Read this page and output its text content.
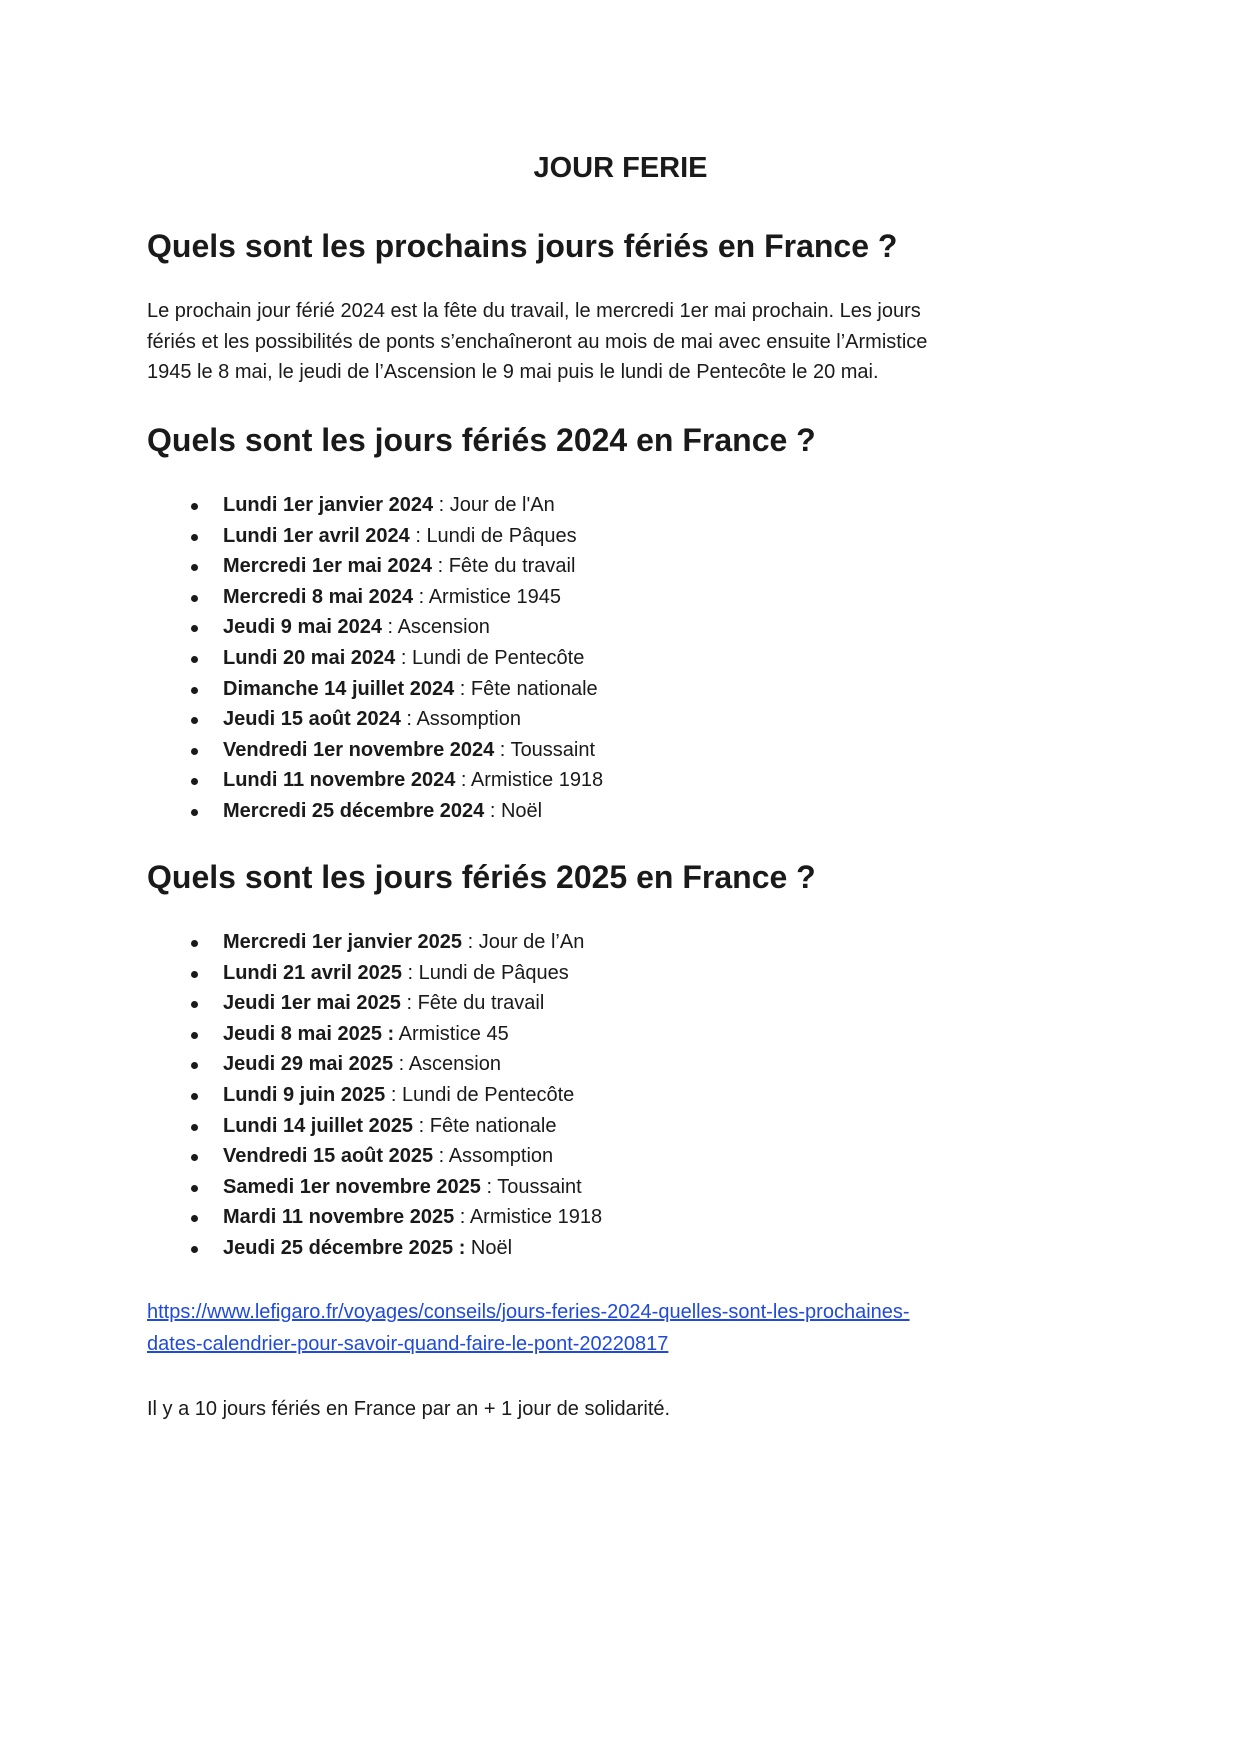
JOUR FERIE
Quels sont les prochains jours fériés en France ?

Le prochain jour férié 2024 est la fête du travail, le mercredi 1er mai prochain. Les jours
fériés et les possibilités de ponts s’enchaîneront au mois de mai avec ensuite l’Armistice
1945 le 8 mai, le jeudi de l’Ascension le 9 mai puis le lundi de Pentecôte le 20 mai.

Quels sont les jours fériés 2024 en France ?
Lundi 1er janvier 2024 : Jour de l'An
Lundi 1er avril 2024 : Lundi de Pâques
Mercredi 1er mai 2024 : Fête du travail
Mercredi 8 mai 2024 : Armistice 1945
Jeudi 9 mai 2024 : Ascension
Lundi 20 mai 2024 : Lundi de Pentecôte
Dimanche 14 juillet 2024 : Fête nationale
Jeudi 15 août 2024 : Assomption
Vendredi 1er novembre 2024 : Toussaint
Lundi 11 novembre 2024 : Armistice 1918
Mercredi 25 décembre 2024 : Noël
Quels sont les jours fériés 2025 en France ?
Mercredi 1er janvier 2025 : Jour de l’An
Lundi 21 avril 2025 : Lundi de Pâques
Jeudi 1er mai 2025 : Fête du travail
Jeudi 8 mai 2025 : Armistice 45
Jeudi 29 mai 2025 : Ascension
Lundi 9 juin 2025 : Lundi de Pentecôte
Lundi 14 juillet 2025 : Fête nationale
Vendredi 15 août 2025 : Assomption
Samedi 1er novembre 2025 : Toussaint
Mardi 11 novembre 2025 : Armistice 1918
Jeudi 25 décembre 2025 : Noël

https://www.lefigaro.fr/voyages/conseils/jours-feries-2024-quelles-sont-les-prochaines-
dates-calendrier-pour-savoir-quand-faire-le-pont-20220817

Il y a 10 jours fériés en France par an + 1 jour de solidarité.
